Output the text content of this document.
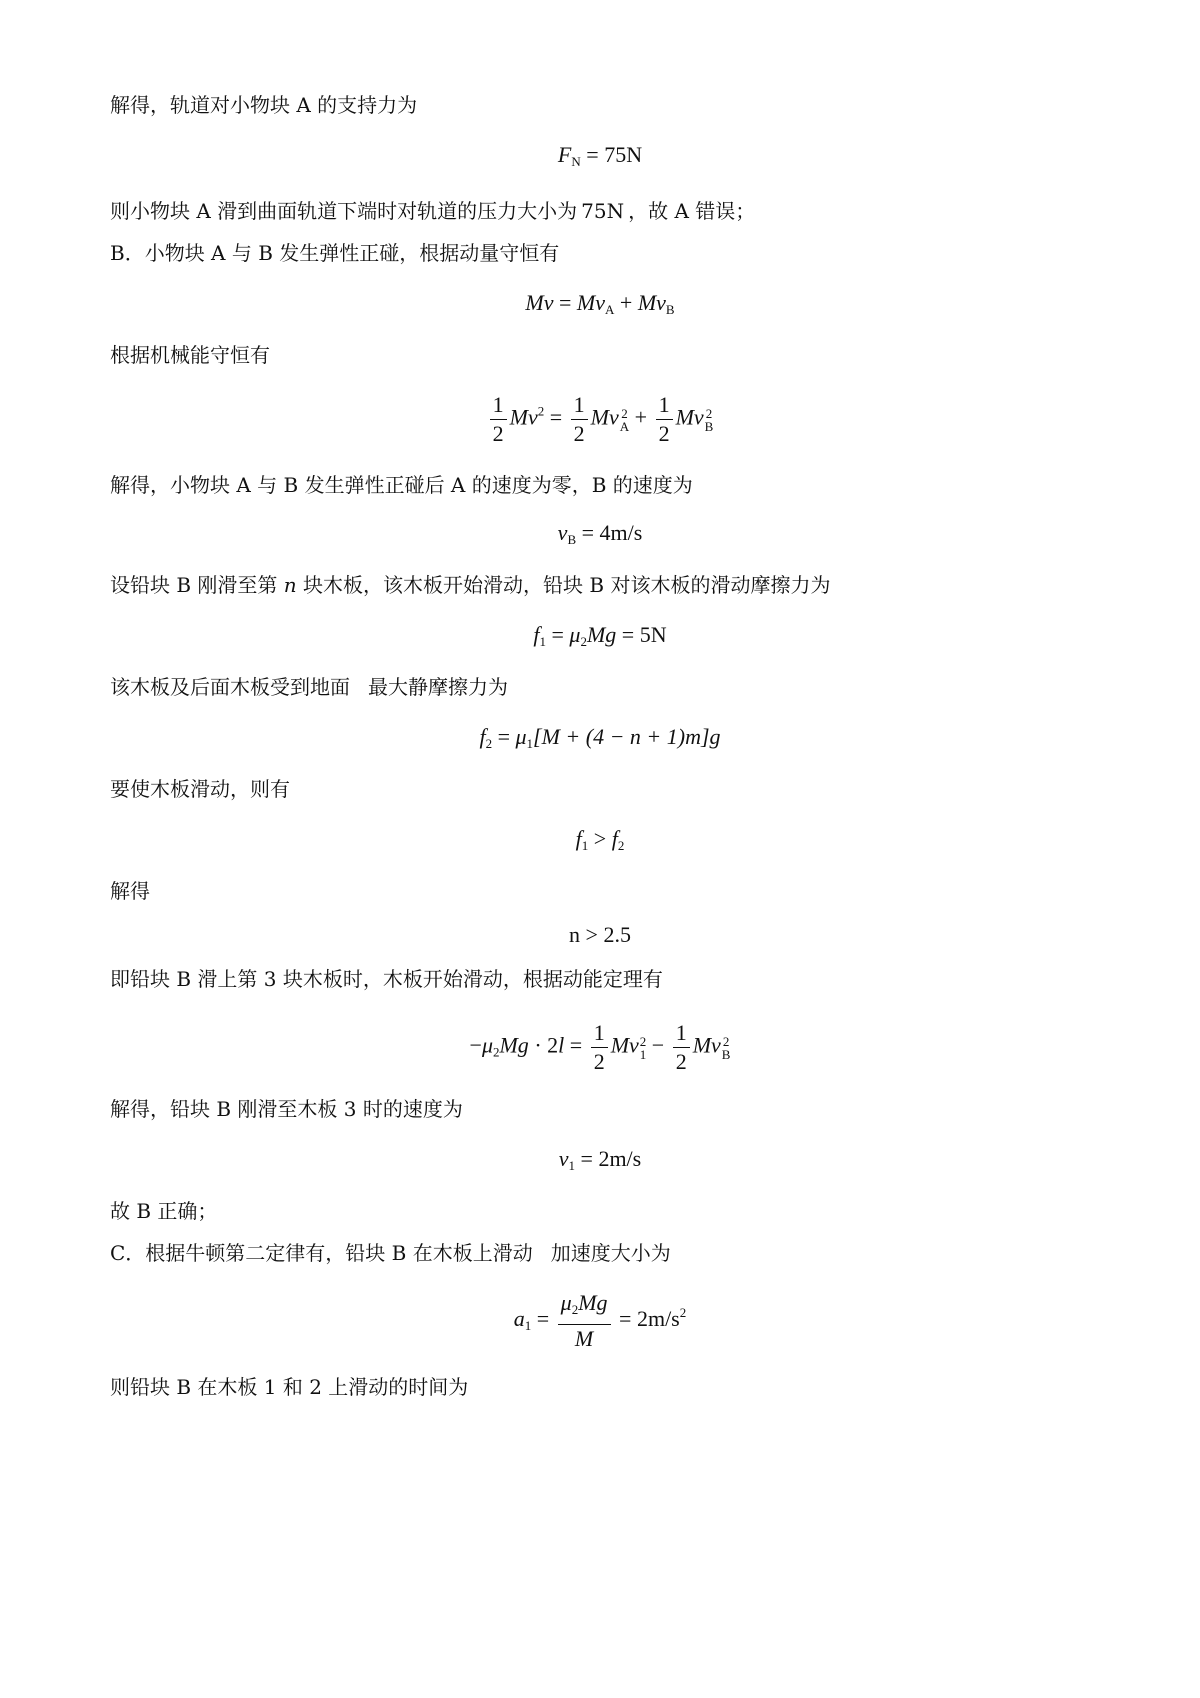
解得，轨道对小物块 A 的支持力为
$F_N = 75N$
则小物块 A 滑到曲面轨道下端时对轨道的压力大小为 75N ，故 A 错误；
B．小物块 A 与 B 发生弹性正碰，根据动量守恒有
$Mv = Mv_A + Mv_B$
根据机械能守恒有
$\frac{1}{2} Mv^2 = \frac{1}{2}$ Mv 2
$A + \frac{1}{2}$ Mv 2
B
解得，小物块 A 与 B 发生弹性正碰后 A 的速度为零，B 的速度为
$v_B = 4m/s$
设铅块 B 刚滑至第 n 块木板，该木板开始滑动，铅块 B 对该木板的滑动摩擦力为
$f_1 = \mu_2Mg = 5N$
该木板及后面木板受到地面 最大静摩擦力为
$f_2 = \mu_1[M + (4 - n + 1)m]g$
要使木板滑动，则有
$f_1 > f_2$
解得
n > 2.5
即铅块 B 滑上第 3 块木板时，木板开始滑动，根据动能定理有
$-\mu_2Mg \cdot 2l = \frac{1}{2}$ Mv 2
$1 - \frac{1}{2}$ Mv 2
B
解得，铅块 B 刚滑至木板 3 时的速度为
$v_1 = 2m/s$
故 B 正确；
C．根据牛顿第二定律有，铅块 B 在木板上滑动 加速度大小为
$a_1 = \frac{\mu_2Mg}{M} = 2m/s^2$
则铅块 B 在木板 1 和 2 上滑动的时间为
